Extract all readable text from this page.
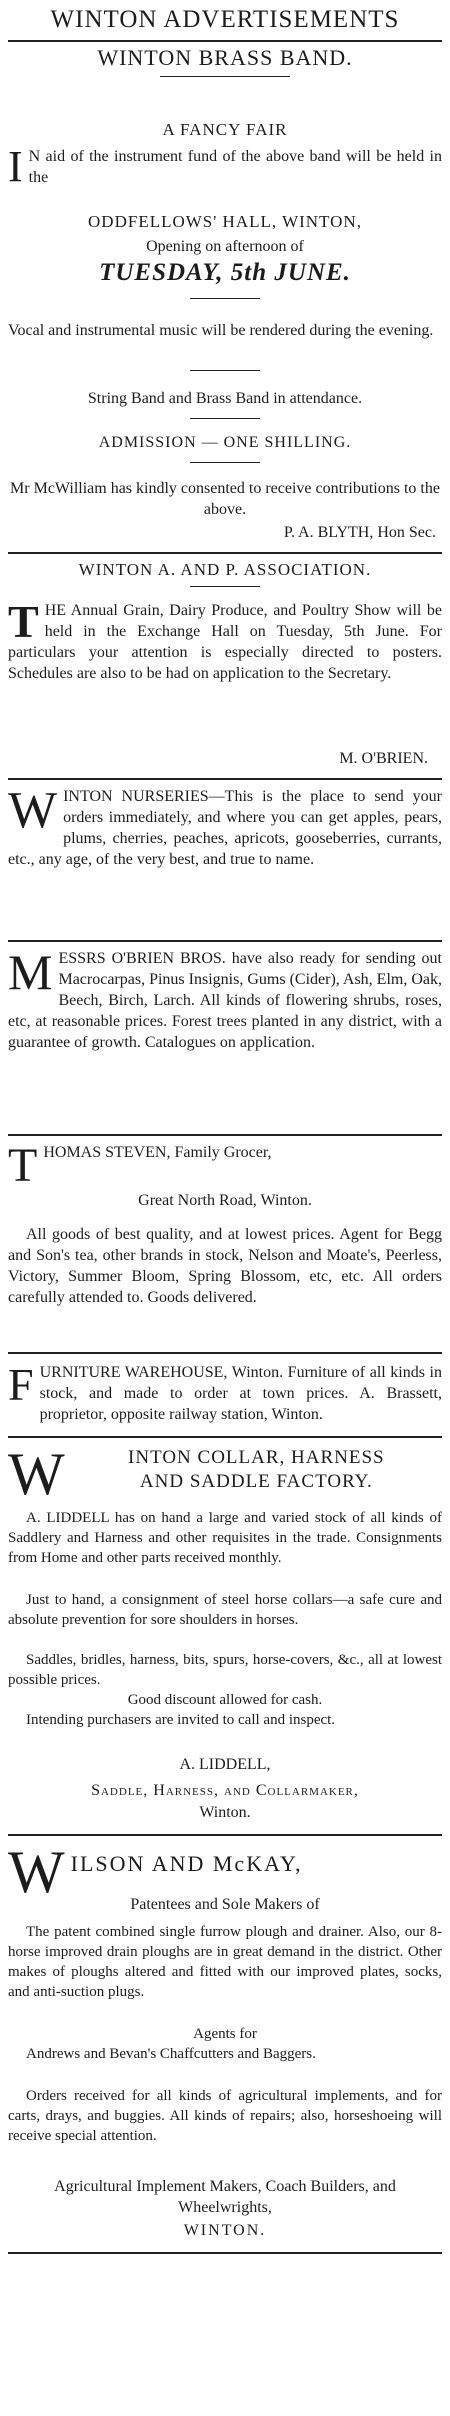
WINTON ADVERTISEMENTS
WINTON BRASS BAND.
A FANCY FAIR
I N aid of the instrument fund of the above band will be held in the
ODDFELLOWS' HALL, WINTON,
Opening on afternoon of
TUESDAY, 5th JUNE.
Vocal and instrumental music will be rendered during the evening.
String Band and Brass Band in attendance.
ADMISSION — ONE SHILLING.
Mr McWilliam has kindly consented to receive contributions to the above.
P. A. BLYTH, Hon Sec.
WINTON A. AND P. ASSOCIATION.
THE Annual Grain, Dairy Produce, and Poultry Show will be held in the Exchange Hall on Tuesday, 5th June. For particulars your attention is especially directed to posters. Schedules are also to be had on application to the Secretary.
M. O'BRIEN.
WINTON NURSERIES—This is the place to send your orders immediately, and where you can get apples, pears, plums, cherries, peaches, apricots, gooseberries, currants, etc., any age, of the very best, and true to name.
MESSRS O'BRIEN BROS. have also ready for sending out Macrocarpas, Pinus Insignis, Gums (Cider), Ash, Elm, Oak, Beech, Birch, Larch. All kinds of flowering shrubs, roses, etc, at reasonable prices. Forest trees planted in any district, with a guarantee of growth. Catalogues on application.
THOMAS STEVEN, Family Grocer,
Great North Road, Winton.
All goods of best quality, and at lowest prices. Agent for Begg and Son's tea, other brands in stock, Nelson and Moate's, Peerless, Victory, Summer Bloom, Spring Blossom, etc, etc. All orders carefully attended to. Goods delivered.
FURNITURE WAREHOUSE, Winton. Furniture of all kinds in stock, and made to order at town prices. A. Brassett, proprietor, opposite railway station, Winton.
W	INTON COLLAR, HARNESS
AND SADDLE FACTORY.
A. LIDDELL has on hand a large and varied stock of all kinds of Saddlery and Harness and other requisites in the trade. Consignments from Home and other parts received monthly.
Just to hand, a consignment of steel horse collars—a safe cure and absolute prevention for sore shoulders in horses.
Saddles, bridles, harness, bits, spurs, horse-covers, &c., all at lowest possible prices.
Good discount allowed for cash.
Intending purchasers are invited to call and inspect.
A. LIDDELL,
Saddle, Harness, and Collarmaker,
Winton.
W ILSON AND McKAY,
Patentees and Sole Makers of
The patent combined single furrow plough and drainer. Also, our 8-horse improved drain ploughs are in great demand in the district. Other makes of ploughs altered and fitted with our improved plates, socks, and anti-suction plugs.
Agents for
Andrews and Bevan's Chaffcutters and Baggers.
Orders received for all kinds of agricultural implements, and for carts, drays, and buggies. All kinds of repairs; also, horseshoeing will receive special attention.
Agricultural Implement Makers, Coach Builders, and Wheelwrights,
WINTON.
